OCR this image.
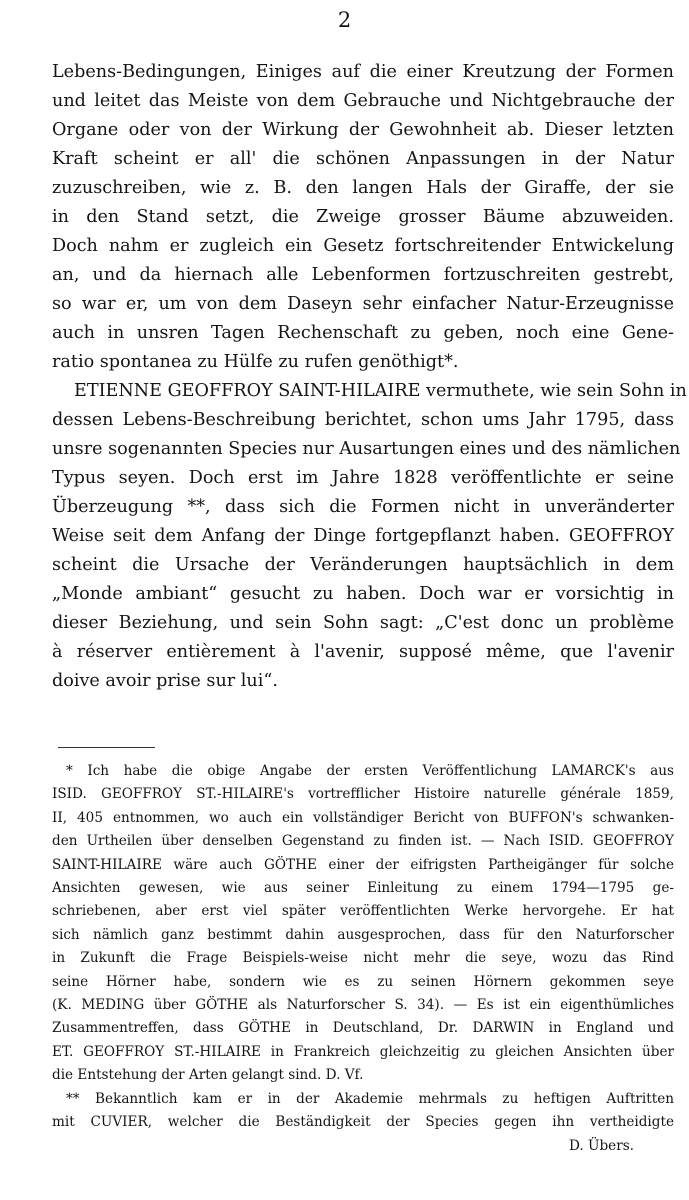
2
Lebens-Bedingungen, Einiges auf die einer Kreutzung der Formen
und leitet das Meiste von dem Gebrauche und Nichtgebrauche der
Organe oder von der Wirkung der Gewohnheit ab. Dieser letzten
Kraft scheint er all' die schönen Anpassungen in der Natur
zuzuschreiben, wie z. B. den langen Hals der Giraffe, der sie
in den Stand setzt, die Zweige grosser Bäume abzuweiden.
Doch nahm er zugleich ein Gesetz fortschreitender Entwickelung
an, und da hiernach alle Lebenformen fortzuschreiten gestrebt,
so war er, um von dem Daseyn sehr einfacher Natur-Erzeugnisse
auch in unsren Tagen Rechenschaft zu geben, noch eine Gene-
ratio spontanea zu Hülfe zu rufen genöthigt*.
ETIENNE GEOFFROY SAINT-HILAIRE vermuthete, wie sein Sohn in
dessen Lebens-Beschreibung berichtet, schon ums Jahr 1795, dass
unsre sogenannten Species nur Ausartungen eines und des nämlichen
Typus seyen. Doch erst im Jahre 1828 veröffentlichte er seine
Überzeugung **, dass sich die Formen nicht in unveränderter
Weise seit dem Anfang der Dinge fortgepflanzt haben. GEOFFROY
scheint die Ursache der Veränderungen hauptsächlich in dem
„Monde ambiant“ gesucht zu haben. Doch war er vorsichtig in
dieser Beziehung, und sein Sohn sagt: „C'est donc un problème
à réserver entièrement à l'avenir, supposé même, que l'avenir
doive avoir prise sur lui“.
* Ich habe die obige Angabe der ersten Veröffentlichung LAMARCK's aus
ISID. GEOFFROY ST.-HILAIRE's vortrefflicher Histoire naturelle générale 1859,
II, 405 entnommen, wo auch ein vollständiger Bericht von BUFFON's schwanken-
den Urtheilen über denselben Gegenstand zu finden ist. — Nach ISID. GEOFFROY
SAINT-HILAIRE wäre auch GÖTHE einer der eifrigsten Partheigänger für solche
Ansichten gewesen, wie aus seiner Einleitung zu einem 1794—1795 ge-
schriebenen, aber erst viel später veröffentlichten Werke hervorgehe. Er hat
sich nämlich ganz bestimmt dahin ausgesprochen, dass für den Naturforscher
in Zukunft die Frage Beispiels-weise nicht mehr die seye, wozu das Rind
seine Hörner habe, sondern wie es zu seinen Hörnern gekommen seye
(K. MEDING über GÖTHE als Naturforscher S. 34). — Es ist ein eigenthümliches
Zusammentreffen, dass GÖTHE in Deutschland, Dr. DARWIN in England und
ET. GEOFFROY ST.-HILAIRE in Frankreich gleichzeitig zu gleichen Ansichten über
die Entstehung der Arten gelangt sind. D. Vf.
** Bekanntlich kam er in der Akademie mehrmals zu heftigen Auftritten
mit CUVIER, welcher die Beständigkeit der Species gegen ihn vertheidigte
D. Übers.
